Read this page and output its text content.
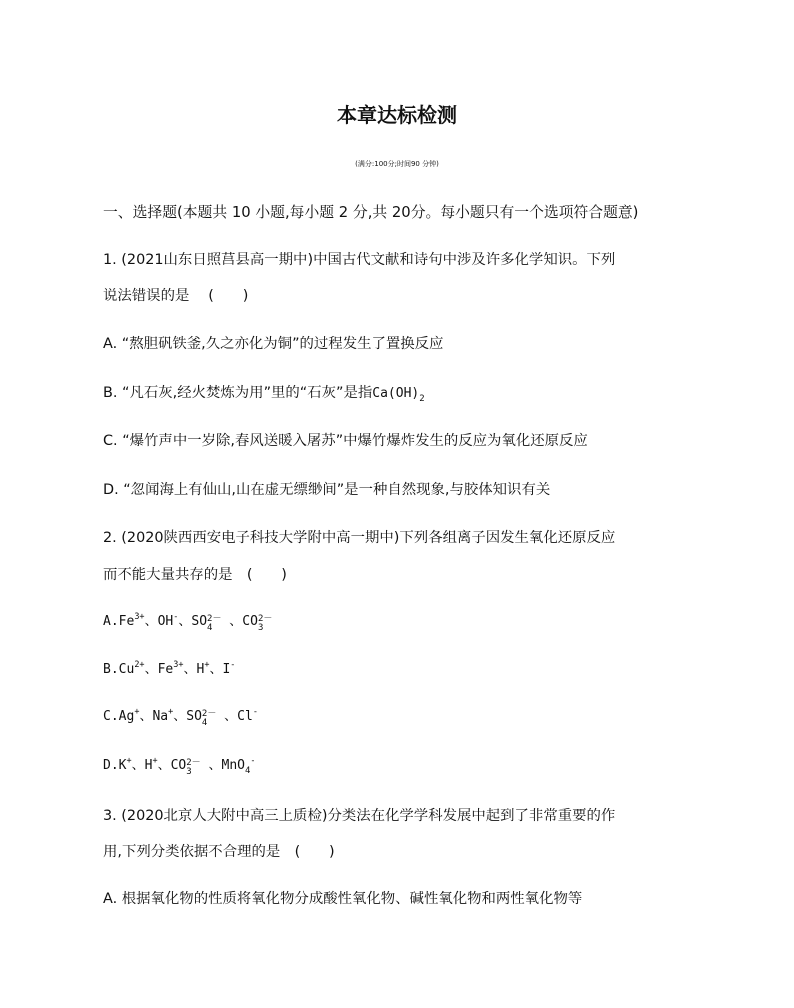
本章达标检测
(满分:100分;时间90 分钟)
一、选择题(本题共 10 小题,每小题 2 分,共 20分。每小题只有一个选项符合题意)
1. (2021山东日照莒县高一期中)中国古代文献和诗句中涉及许多化学知识。下列
说法错误的是　 (　　)
A. “熬胆矾铁釜,久之亦化为铜”的过程发生了置换反应
B. “凡石灰,经火焚炼为用”里的“石灰”是指$Ca(OH)_2$
C. “爆竹声中一岁除,春风送暖入屠苏”中爆竹爆炸发生的反应为氧化还原反应
D. “忽闻海上有仙山,山在虚无缥缈间”是一种自然现象,与胶体知识有关
2. (2020陕西西安电子科技大学附中高一期中)下列各组离子因发生氧化还原反应
而不能大量共存的是　(　　)
$A.Fe^{3+}$、OH-、SO 2－
4 、CO 2－
3
$B.Cu^{2+}$、$Fe^{3+}$、H+、I-
C.Ag+、Na+、SO 2－
4 、Cl-
D.K+、H+、CO 2－
3 、MnO$_4$-
3. (2020北京人大附中高三上质检)分类法在化学学科发展中起到了非常重要的作
用,下列分类依据不合理的是　(　　)
A. 根据氧化物的性质将氧化物分成酸性氧化物、碱性氧化物和两性氧化物等
